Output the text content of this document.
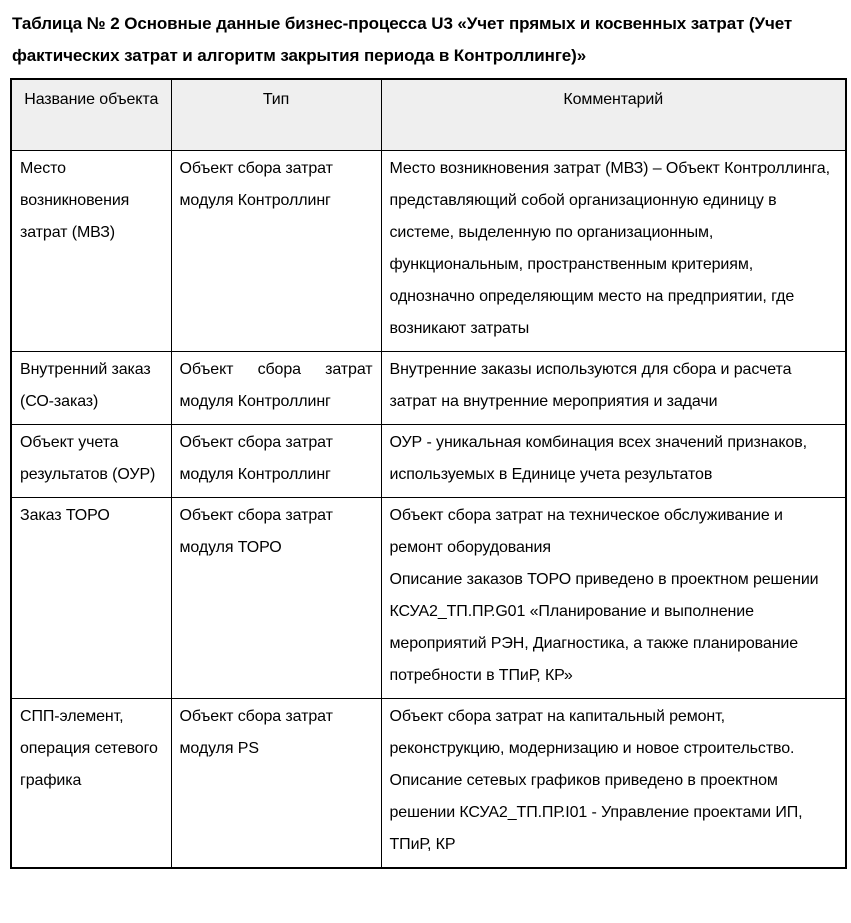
Таблица № 2 Основные данные бизнес-процесса U3 «Учет прямых и косвенных затрат (Учет фактических затрат и алгоритм закрытия периода в Контроллинге)»
Название объекта	Тип	Комментарий
Место возникновения затрат (МВЗ)	Объект сбора затрат модуля Контроллинг	Место возникновения затрат (МВЗ) – Объект Контроллинга, представляющий собой организационную единицу в системе, выделенную по организационным, функциональным, пространственным критериям, однозначно определяющим место на предприятии, где возникают затраты

Внутренний заказ (СО-заказ)	Объект сбора затрат модуля Контроллинг	Внутренние заказы используются для сбора и расчета затрат на внутренние мероприятия и задачи

Объект учета результатов (ОУР)	Объект сбора затрат модуля Контроллинг	ОУР - уникальная комбинация всех значений признаков, используемых в Единице учета результатов

Заказ ТОРО	Объект сбора затрат модуля ТОРО	Объект сбора затрат на техническое обслуживание и ремонт оборудования
Описание заказов ТОРО приведено в проектном решении КСУА2_ТП.ПР.G01 «Планирование и выполнение мероприятий РЭН, Диагностика, а также планирование потребности в ТПиР, КР»

СПП-элемент, операция сетевого графика	Объект сбора затрат модуля PS	Объект сбора затрат на капитальный ремонт, реконструкцию, модернизацию и новое строительство.
Описание сетевых графиков приведено в проектном решении КСУА2_ТП.ПР.I01 - Управление проектами ИП, ТПиР, КР
